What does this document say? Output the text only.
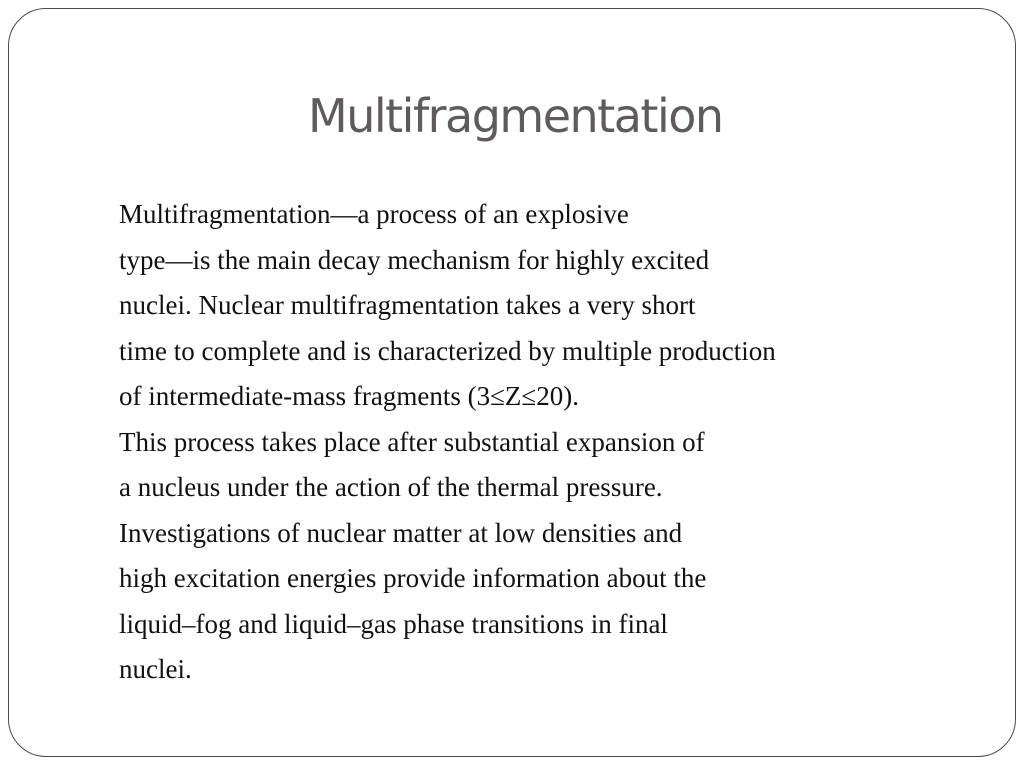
Multifragmentation
Multifragmentation—a process of an explosive
type—is the main decay mechanism for highly excited
nuclei. Nuclear multifragmentation takes a very short
time to complete and is characterized by multiple production
of intermediate-mass fragments (3≤Z≤20).
This process takes place after substantial expansion of
a nucleus under the action of the thermal pressure.
Investigations of nuclear matter at low densities and
high excitation energies provide information about the
liquid–fog and liquid–gas phase transitions in final
nuclei.
